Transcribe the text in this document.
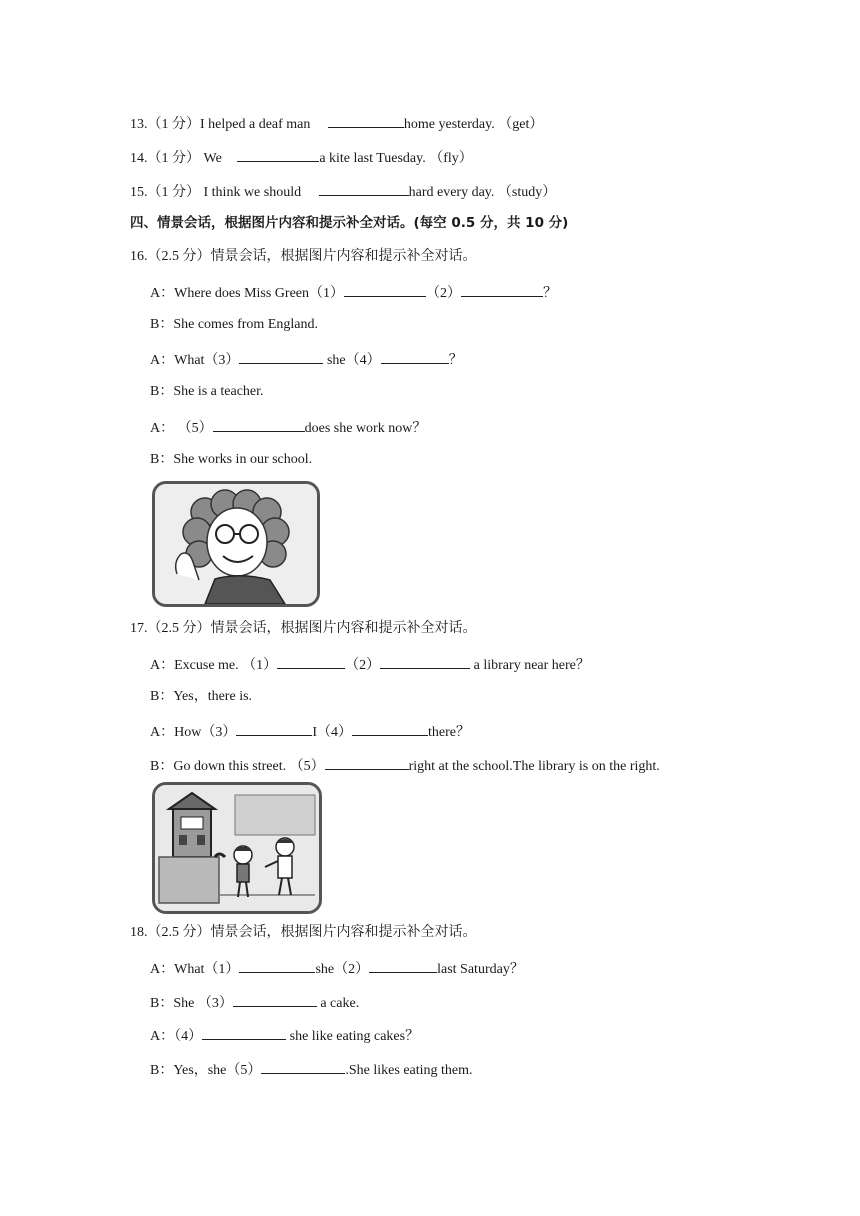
13.（1 分）I helped a deaf man	home yesterday. （get）
14.（1 分） We	a kite last Tuesday. （fly）
15.（1 分） I think we should	hard every day. （study）
四、情景会话，根据图片内容和提示补全对话。(每空 0.5 分，共 10 分)
16.（2.5 分）情景会话，根据图片内容和提示补全对话。
A：Where does Miss Green（1）	（2）	？
B：She comes from England.
A：What（3）	she（4）	？
B：She is a teacher.
A： （5）	does she work now？
B：She works in our school.
17.（2.5 分）情景会话，根据图片内容和提示补全对话。
A：Excuse me. （1）	（2）	a library near here？
B：Yes，there is.
A：How（3）	I（4）	there？
B：Go down this street. （5）	right at the school.The library is on the right.
18.（2.5 分）情景会话，根据图片内容和提示补全对话。
A：What（1）	she（2）	last Saturday？
B：She （3）	a cake.
A：（4）	she like eating cakes？
B：Yes，she（5）	.She likes eating them.
